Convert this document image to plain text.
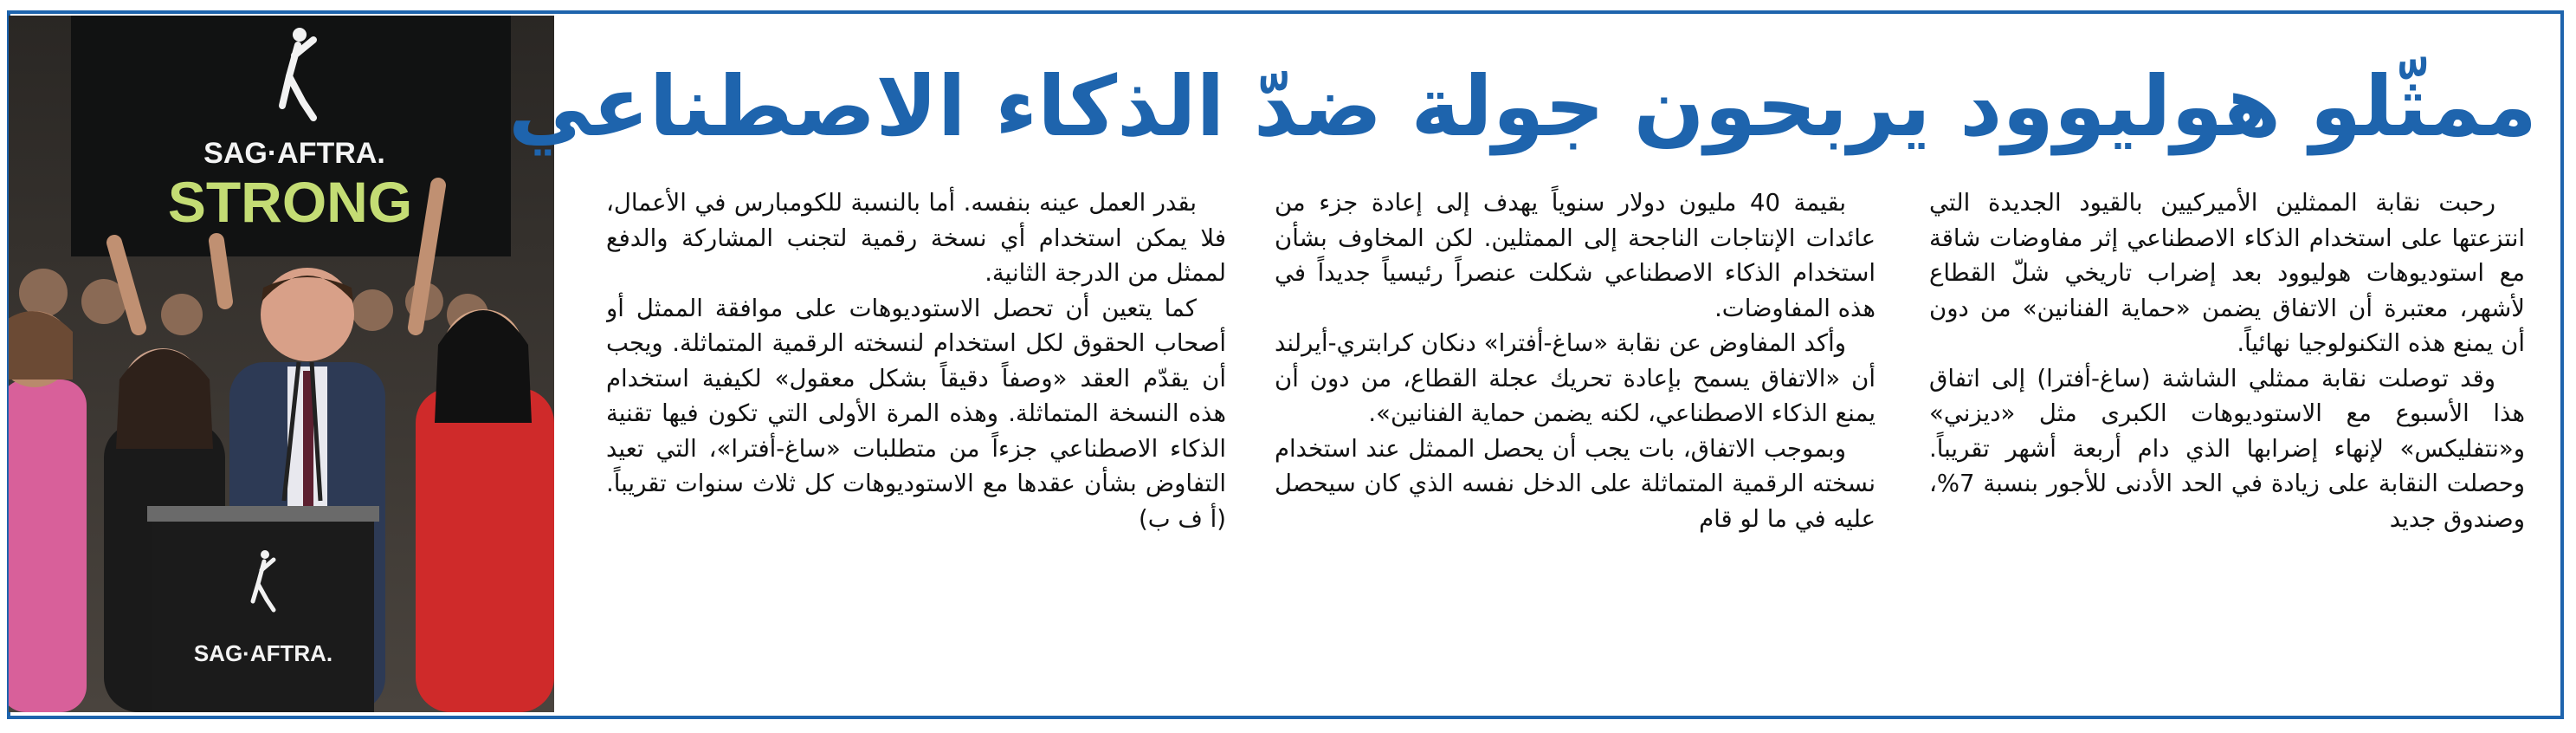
SAG·AFTRA.
STRONG
SAG·AFTRA.
ممثّلو هوليوود يربحون جولة ضدّ الذكاء الاصطناعي

رحبت نقابة الممثلين الأميركيين بالقيود الجديدة التي انتزعتها على استخدام الذكاء الاصطناعي إثر مفاوضات شاقة مع استوديوهات هوليوود بعد إضراب تاريخي شلّ القطاع لأشهر، معتبرة أن الاتفاق يضمن «حماية الفنانين» من دون أن يمنع هذه التكنولوجيا نهائياً.

وقد توصلت نقابة ممثلي الشاشة (ساغ-أفترا) إلى اتفاق هذا الأسبوع مع الاستوديوهات الكبرى مثل «ديزني» و«نتفليكس» لإنهاء إضرابها الذي دام أربعة أشهر تقريباً. وحصلت النقابة على زيادة في الحد الأدنى للأجور بنسبة 7%، وصندوق جديد

بقيمة 40 مليون دولار سنوياً يهدف إلى إعادة جزء من عائدات الإنتاجات الناجحة إلى الممثلين. لكن المخاوف بشأن استخدام الذكاء الاصطناعي شكلت عنصراً رئيسياً جديداً في هذه المفاوضات.

وأكد المفاوض عن نقابة «ساغ-أفترا» دنكان كرابتري-أيرلند أن «الاتفاق يسمح بإعادة تحريك عجلة القطاع، من دون أن يمنع الذكاء الاصطناعي، لكنه يضمن حماية الفنانين».

وبموجب الاتفاق، بات يجب أن يحصل الممثل عند استخدام نسخته الرقمية المتماثلة على الدخل نفسه الذي كان سيحصل عليه في ما لو قام

بقدر العمل عينه بنفسه. أما بالنسبة للكومبارس في الأعمال، فلا يمكن استخدام أي نسخة رقمية لتجنب المشاركة والدفع لممثل من الدرجة الثانية.

كما يتعين أن تحصل الاستوديوهات على موافقة الممثل أو أصحاب الحقوق لكل استخدام لنسخته الرقمية المتماثلة. ويجب أن يقدّم العقد «وصفاً دقيقاً بشكل معقول» لكيفية استخدام هذه النسخة المتماثلة. وهذه المرة الأولى التي تكون فيها تقنية الذكاء الاصطناعي جزءاً من متطلبات «ساغ-أفترا»، التي تعيد التفاوض بشأن عقدها مع الاستوديوهات كل ثلاث سنوات تقريباً. (أ ف ب)
